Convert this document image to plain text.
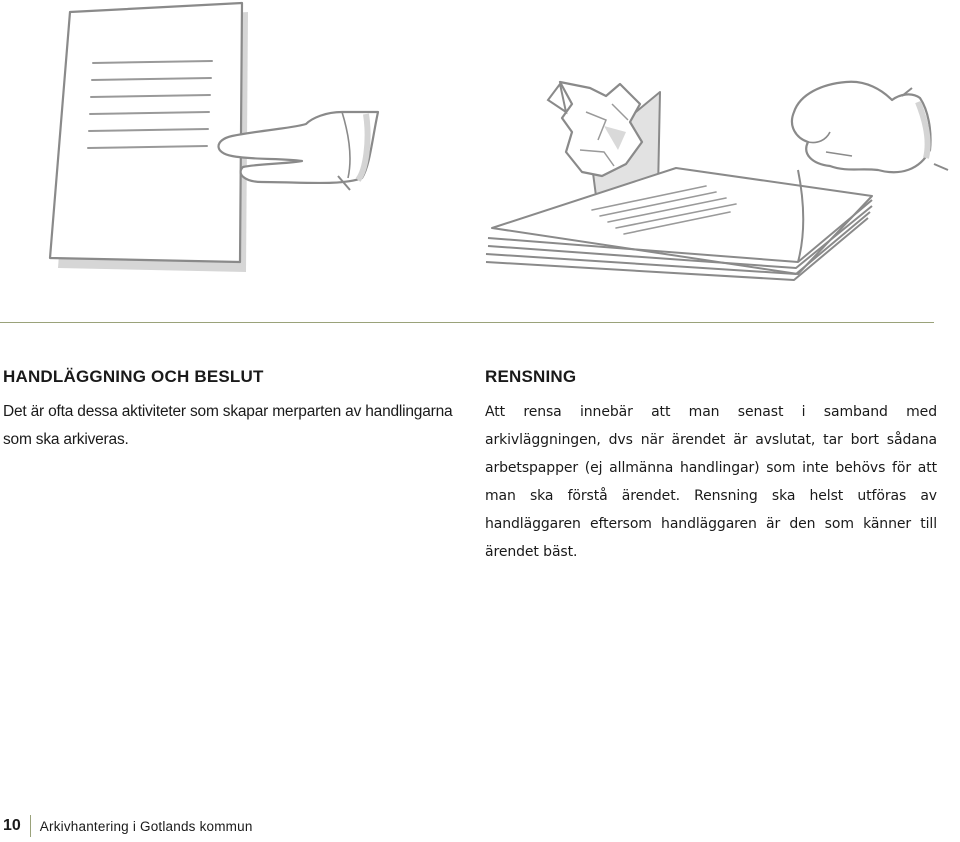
HANDLÄGGNING OCH BESLUT

Det är ofta dessa aktiviteter som skapar merparten av handlingarna som ska arkiveras.

RENSNING

Att rensa innebär att man senast i samband med arkivläggningen, dvs när ärendet är avslutat, tar bort sådana arbetspapper (ej allmänna handlingar) som inte behövs för att man ska förstå ärendet. Rensning ska helst utföras av handläggaren eftersom handläggaren är den som känner till ärendet bäst.

10	Arkivhantering i Gotlands kommun
